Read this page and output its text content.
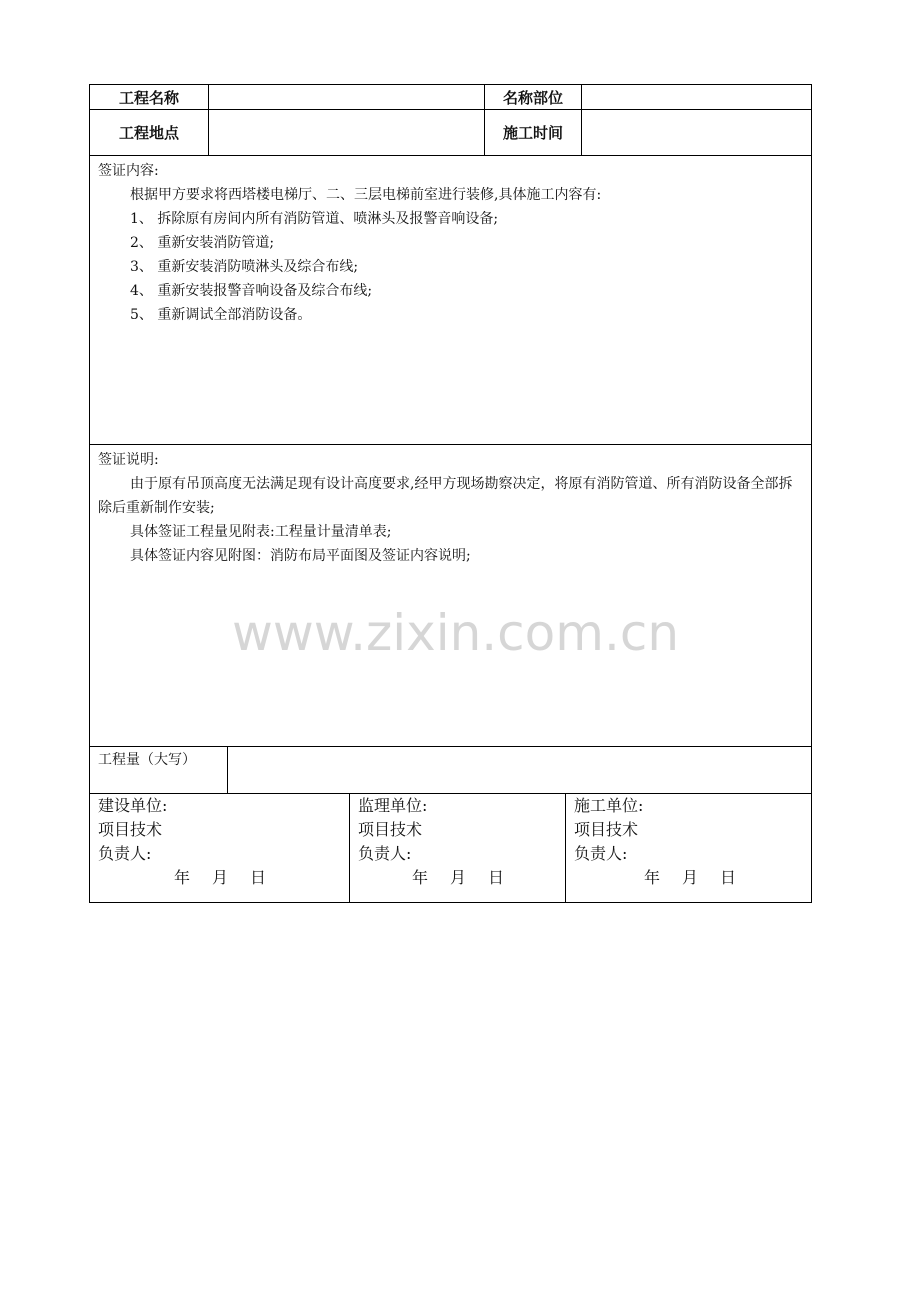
工程名称	名称部位
工程地点	施工时间

签证内容:

根据甲方要求将西塔楼电梯厅、二、三层电梯前室进行装修,具体施工内容有:

1、 拆除原有房间内所有消防管道、喷淋头及报警音响设备;

2、 重新安装消防管道;

3、 重新安装消防喷淋头及综合布线;

4、 重新安装报警音响设备及综合布线;

5、 重新调试全部消防设备。

签证说明:

由于原有吊顶高度无法满足现有设计高度要求,经甲方现场勘察决定，将原有消防管道、所有消防设备全部拆除后重新制作安装;

具体签证工程量见附表:工程量计量清单表;

具体签证内容见附图：消防布局平面图及签证内容说明;

工程量（大写）
建设单位:
项目技术
负责人:
年 月 日
监理单位:
项目技术
负责人:
年 月 日
施工单位:
项目技术
负责人:
年 月 日
www.zixin.com.cn
